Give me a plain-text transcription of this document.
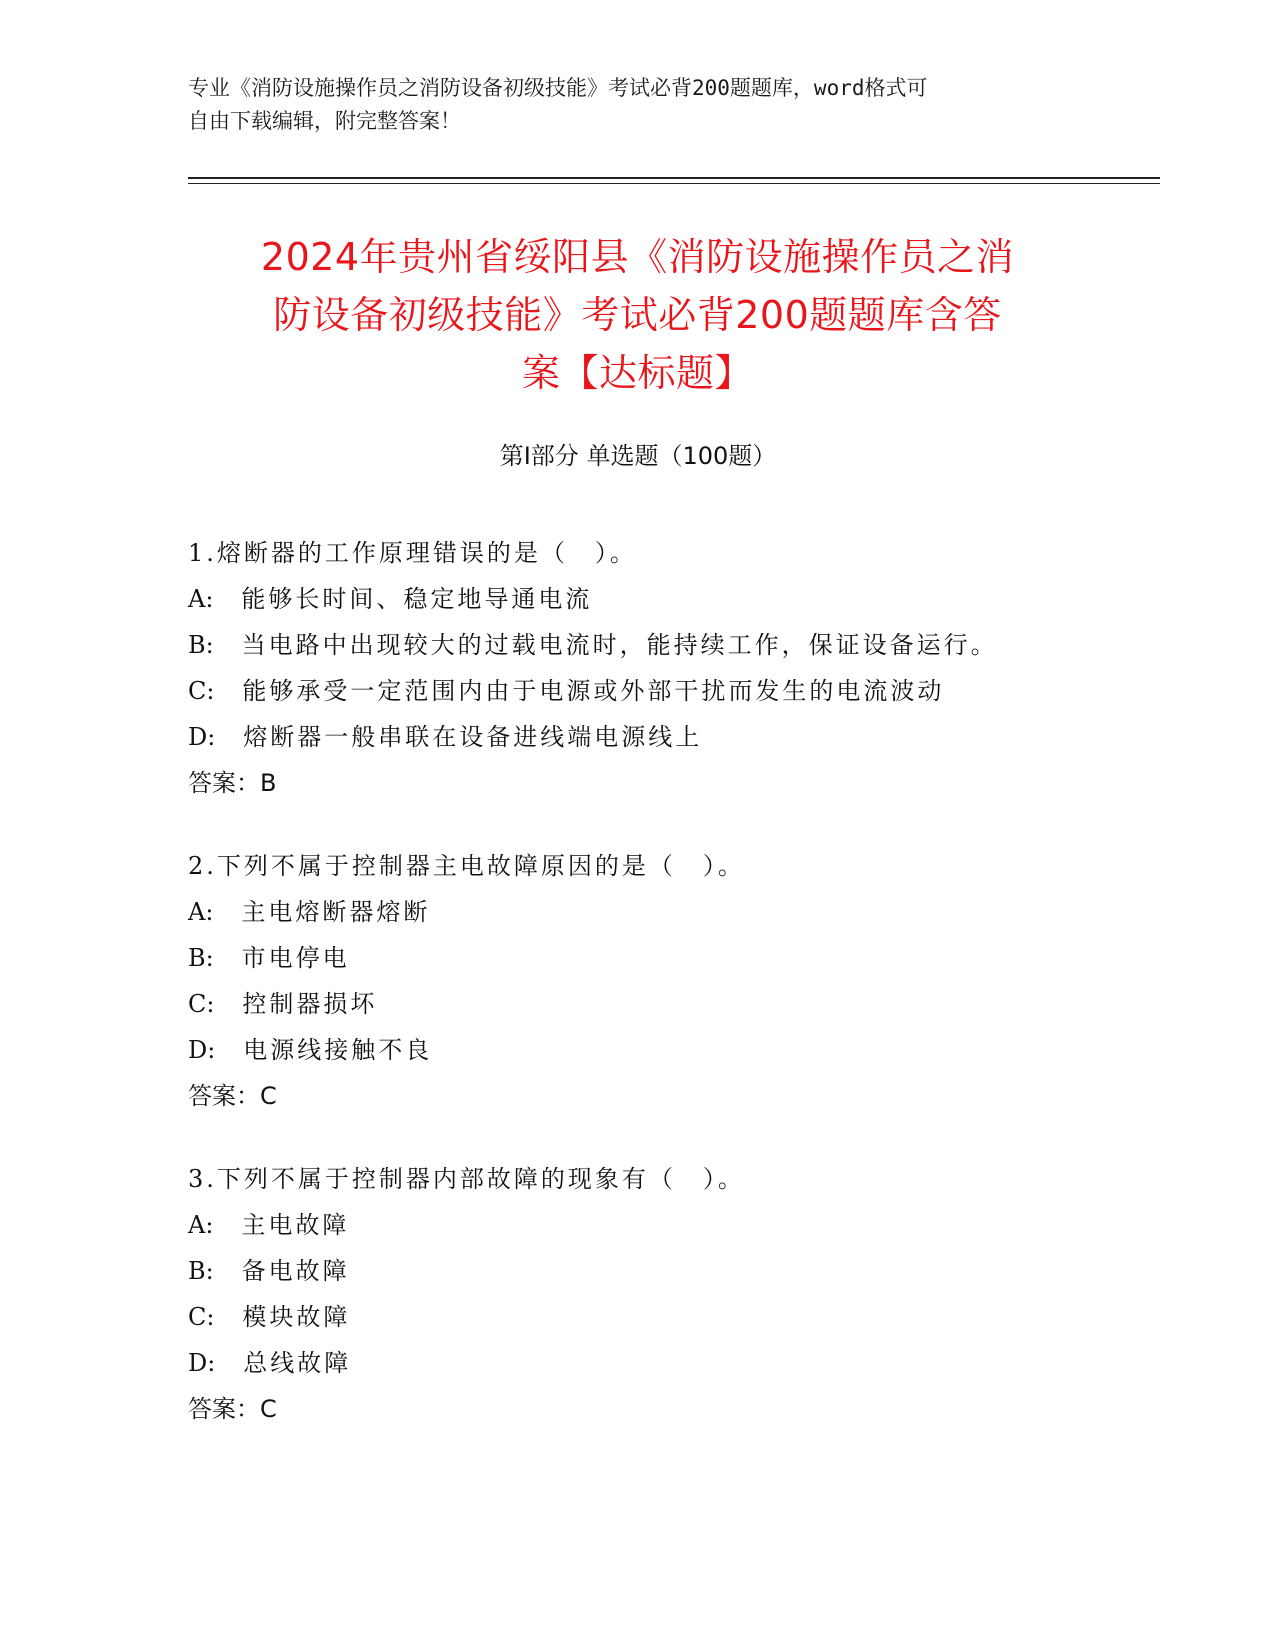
专业《消防设施操作员之消防设备初级技能》考试必背200题题库，word格式可
自由下载编辑，附完整答案！
2024年贵州省绥阳县《消防设施操作员之消
防设备初级技能》考试必背200题题库含答
案【达标题】
第Ⅰ部分 单选题（100题）
1.熔断器的工作原理错误的是（　）。
A: 能够长时间、稳定地导通电流
B: 当电路中出现较大的过载电流时，能持续工作，保证设备运行。
C: 能够承受一定范围内由于电源或外部干扰而发生的电流波动
D: 熔断器一般串联在设备进线端电源线上
答案：B
2.下列不属于控制器主电故障原因的是（　）。
A: 主电熔断器熔断
B: 市电停电
C: 控制器损坏
D: 电源线接触不良
答案：C
3.下列不属于控制器内部故障的现象有（　）。
A: 主电故障
B: 备电故障
C: 模块故障
D: 总线故障
答案：C
